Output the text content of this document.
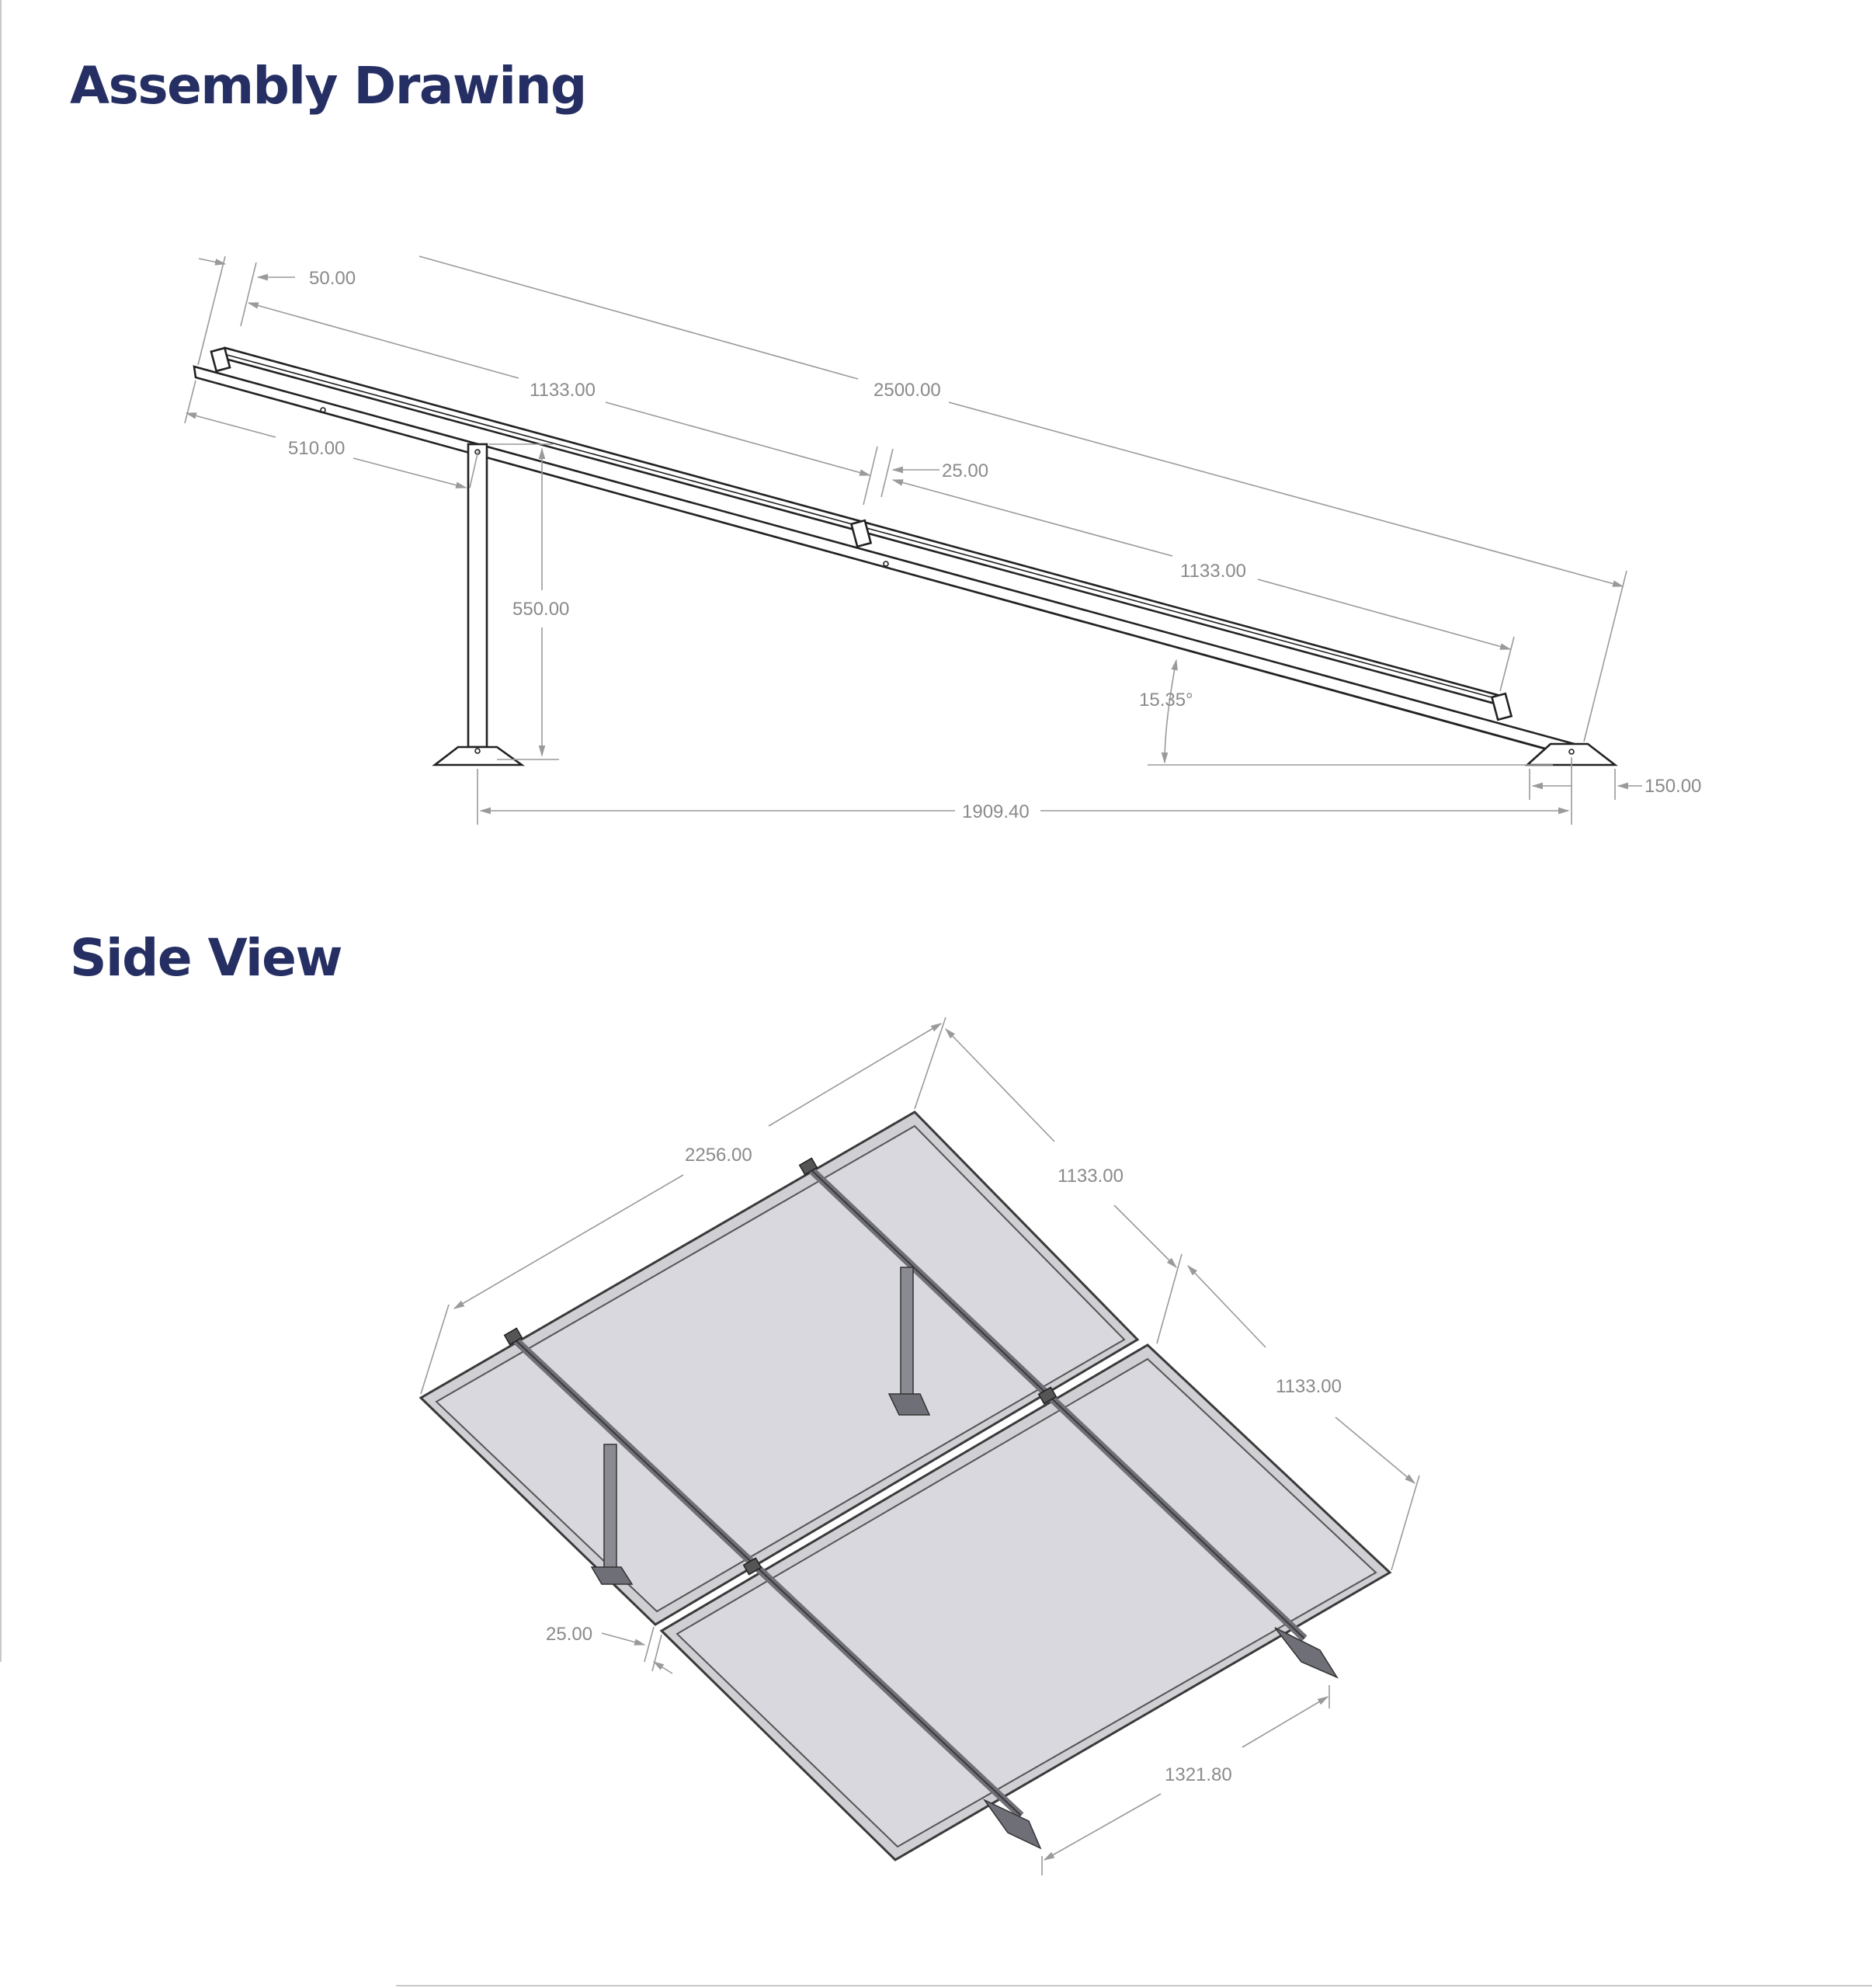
Assembly Drawing
Side View
50.00
1133.00	2500.00
510.00
25.00
1133.00
550.00
15.35°
150.00
1909.40
2256.00
1133.00
1133.00
25.00
1321.80
